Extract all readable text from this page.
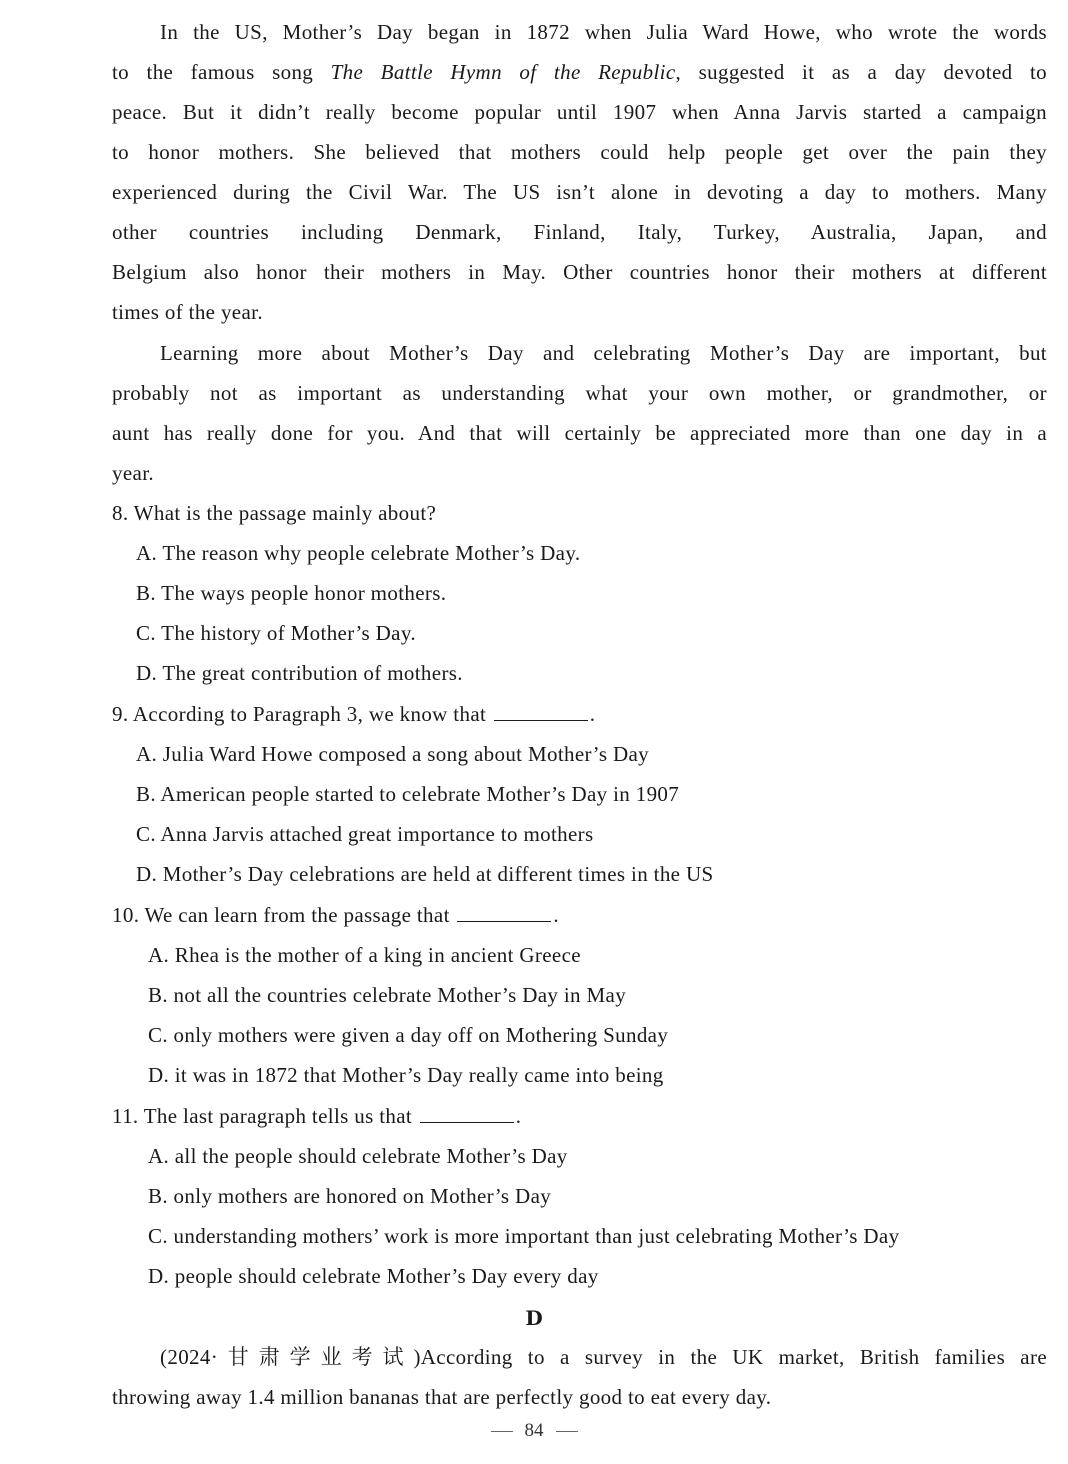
In the US, Mother’s Day began in 1872 when Julia Ward Howe, who wrote the words
to the famous song The Battle Hymn of the Republic, suggested it as a day devoted to
peace. But it didn’t really become popular until 1907 when Anna Jarvis started a campaign
to honor mothers. She believed that mothers could help people get over the pain they
experienced during the Civil War. The US isn’t alone in devoting a day to mothers. Many
other countries including Denmark, Finland, Italy, Turkey, Australia, Japan, and
Belgium also honor their mothers in May. Other countries honor their mothers at different
times of the year.
Learning more about Mother’s Day and celebrating Mother’s Day are important, but
probably not as important as understanding what your own mother, or grandmother, or
aunt has really done for you. And that will certainly be appreciated more than one day in a
year.
8. What is the passage mainly about?
A. The reason why people celebrate Mother’s Day.
B. The ways people honor mothers.
C. The history of Mother’s Day.
D. The great contribution of mothers.
9. According to Paragraph 3, we know that	.
A. Julia Ward Howe composed a song about Mother’s Day
B. American people started to celebrate Mother’s Day in 1907
C. Anna Jarvis attached great importance to mothers
D. Mother’s Day celebrations are held at different times in the US
10. We can learn from the passage that	.
A. Rhea is the mother of a king in ancient Greece
B. not all the countries celebrate Mother’s Day in May
C. only mothers were given a day off on Mothering Sunday
D. it was in 1872 that Mother’s Day really came into being
11. The last paragraph tells us that	.
A. all the people should celebrate Mother’s Day
B. only mothers are honored on Mother’s Day
C. understanding mothers’ work is more important than just celebrating Mother’s Day
D. people should celebrate Mother’s Day every day
D
(2024·甘肃学业考试)According to a survey in the UK market, British families are
throwing away 1.4 million bananas that are perfectly good to eat every day.
84
